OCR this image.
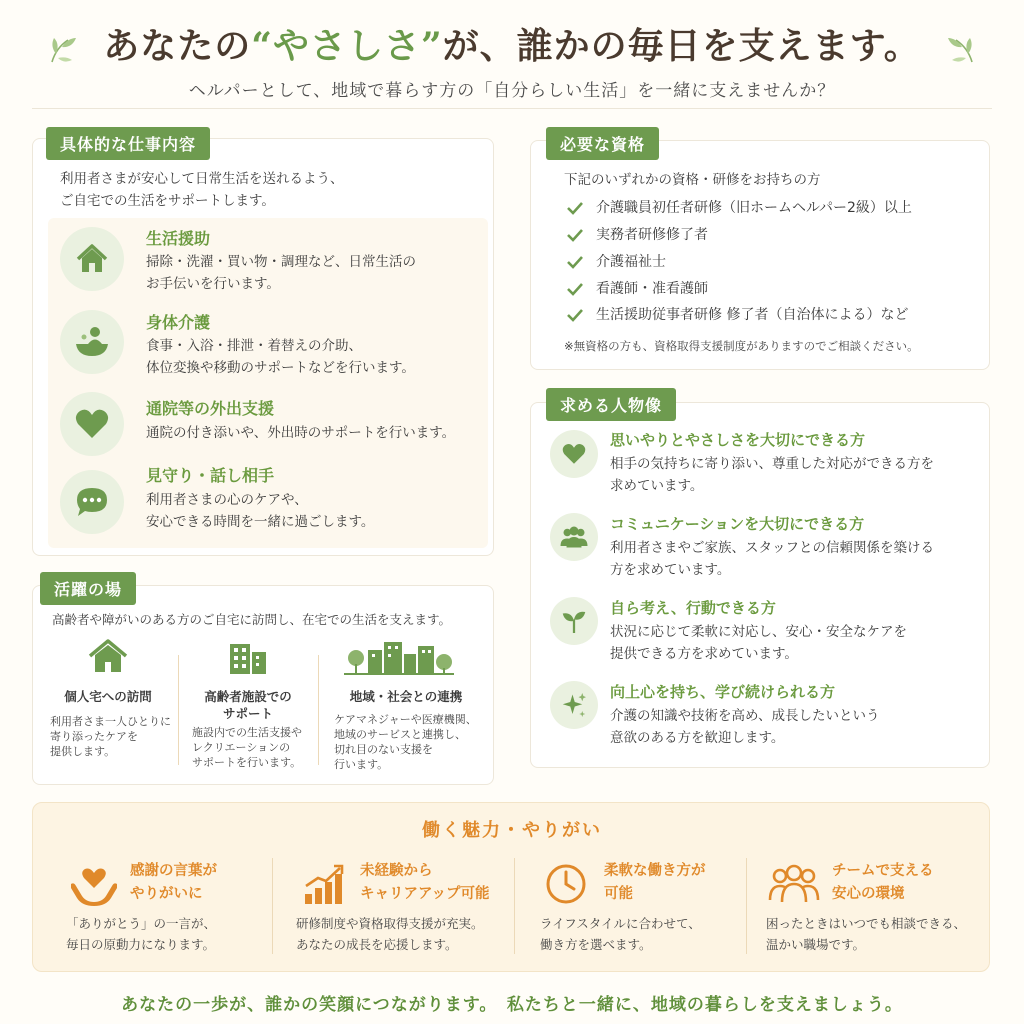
あなたの“やさしさ”が、誰かの毎日を支えます。
ヘルパーとして、地域で暮らす方の「自分らしい生活」を一緒に支えませんか？
具体的な仕事内容
利用者さまが安心して日常生活を送れるよう、
ご自宅での生活をサポートします。
生活援助
掃除・洗濯・買い物・調理など、日常生活の
お手伝いを行います。
身体介護
食事・入浴・排泄・着替えの介助、
体位変換や移動のサポートなどを行います。
通院等の外出支援
通院の付き添いや、外出時のサポートを行います。
見守り・話し相手
利用者さまの心のケアや、
安心できる時間を一緒に過ごします。
活躍の場
高齢者や障がいのある方のご自宅に訪問し、在宅での生活を支えます。
個人宅への訪問
利用者さま一人ひとりに
寄り添ったケアを
提供します。
高齢者施設での
サポート
施設内での生活支援や
レクリエーションの
サポートを行います。
地域・社会との連携
ケアマネジャーや医療機関、
地域のサービスと連携し、
切れ目のない支援を
行います。
必要な資格
下記のいずれかの資格・研修をお持ちの方
介護職員初任者研修（旧ホームヘルパー2級）以上
実務者研修修了者
介護福祉士
看護師・准看護師
生活援助従事者研修 修了者（自治体による）など
※無資格の方も、資格取得支援制度がありますのでご相談ください。
求める人物像
思いやりとやさしさを大切にできる方
相手の気持ちに寄り添い、尊重した対応ができる方を
求めています。
コミュニケーションを大切にできる方
利用者さまやご家族、スタッフとの信頼関係を築ける
方を求めています。
自ら考え、行動できる方
状況に応じて柔軟に対応し、安心・安全なケアを
提供できる方を求めています。
向上心を持ち、学び続けられる方
介護の知識や技術を高め、成長したいという
意欲のある方を歓迎します。
働く魅力・やりがい
感謝の言葉が
やりがいに
「ありがとう」の一言が、
毎日の原動力になります。
未経験から
キャリアアップ可能
研修制度や資格取得支援が充実。
あなたの成長を応援します。
柔軟な働き方が
可能
ライフスタイルに合わせて、
働き方を選べます。
チームで支える
安心の環境
困ったときはいつでも相談できる、
温かい職場です。
あなたの一歩が、誰かの笑顔につながります。　私たちと一緒に、地域の暮らしを支えましょう。
